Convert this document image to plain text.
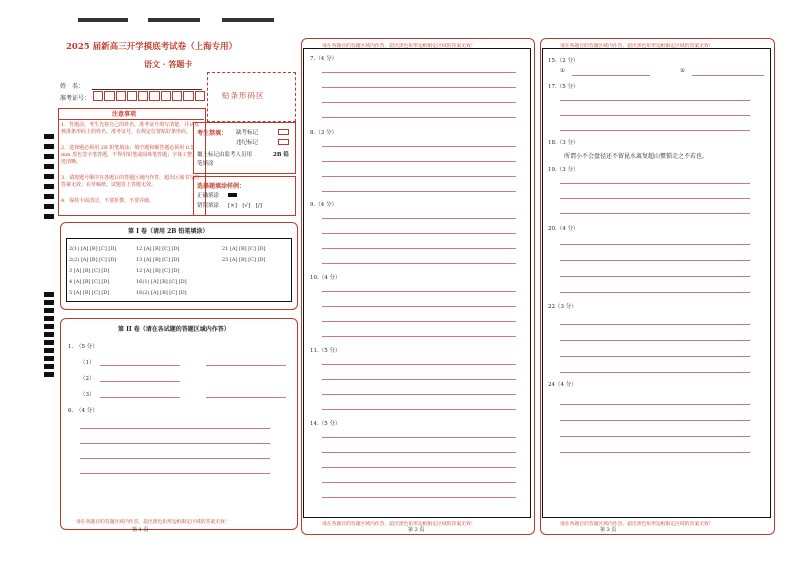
2025 届新高三开学摸底考试卷（上海专用）
语文 · 答题卡
姓　名：
准考证号：	贴条形码区
注意事项
1．答题前，考生先将自己的姓名、准考证号填写清楚，并认真核准条形码上的姓名、准考证号，在规定位置贴好条形码。
2．选择题必须用 2B 铅笔填涂；填空题和解答题必须用 0.5 mm 黑色签字笔答题，不得用铅笔或圆珠笔答题；字体工整、笔迹清晰。
3．请按题号顺序在各题目的答题区域内作答，超出区域书写的答案无效；在草稿纸、试题卷上答题无效。
4．保持卡面清洁，不要折叠，不要弄破。
考生禁填： 缺考标记
违纪标记
以上标记由监考人员用	2B 铅
笔填涂
选择题填涂样例：
正确填涂
错误填涂 [×]　[√]　[/]
第 I 卷（请用 2B 铅笔填涂）
2(1) [A] [B] [C] [D]
2(2) [A] [B] [C] [D]
3 [A] [B] [C] [D]
4 [A] [B] [C] [D]
5 [A] [B] [C] [D]
12 [A] [B] [C] [D]
13 [A] [B] [C] [D]
12 [A] [B] [C] [D]
16(1) [A] [B] [C] [D]
16(2) [A] [B] [C] [D]
21 [A] [B] [C] [D]
23 [A] [B] [C] [D]
第 II 卷（请在各试题的答题区域内作答）
1.　（5 分）
（1）
（2）
（3）
6.　（4 分）
请在各题目的答题区域内作答，超出黑色矩形边框限定区域的答案无效！
第 1 页
请在各题目的答题区域内作答，超出黑色矩形边框限定区域的答案无效！
7.（4 分）
8.（3 分）
9.（4 分）
10.（4 分）
11.（5 分）
14.（5 分）
请在各题目的答题区域内作答，超出黑色矩形边框限定区域的答案无效！
第 2 页
请在各题目的答题区域内作答，超出黑色矩形边框限定区域的答案无效！
15.（2 分）
①	②
17.（5 分）
18.（3 分）
所谓小不会盘径还不留昆水离复超山惯锁走之不若也。
19.（3 分）
20.（4 分）
22（3 分）
24（4 分）
请在各题目的答题区域内作答，超出黑色矩形边框限定区域的答案无效！
第 3 页
